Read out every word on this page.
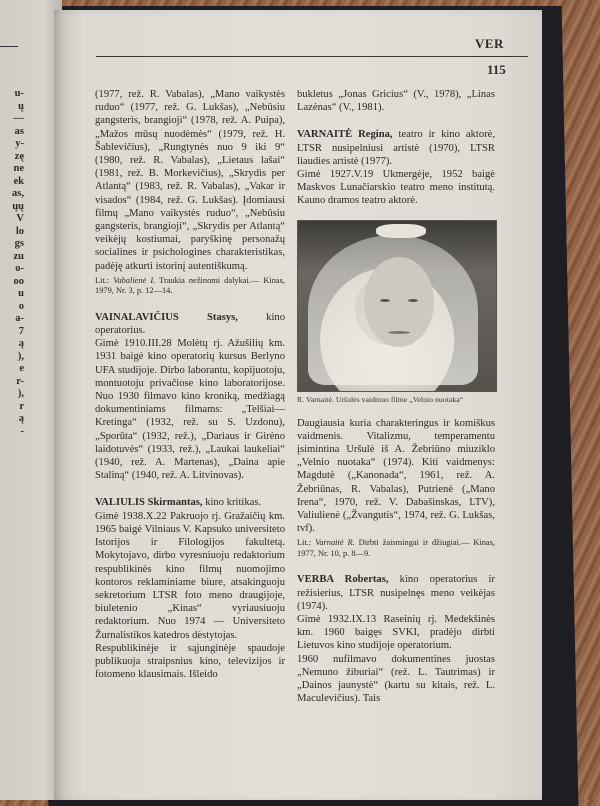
u-
ų
—
as
y-
zę
ne
ek
as,
ųų
V
lo
gs
zu
o-
oo
u
o
a-
7
ą
),
e
r-
),
r
ą
-
VER
115

(1977, rež. R. Vabalas), „Mano vaikystės ruduo“ (1977, rež. G. Lukšas), „Nebūsiu gangsteris, brangioji“ (1978, rež. A. Puipa), „Mažos mūsų nuodėmės“ (1979, rež. H. Šablevičius), „Rungtynės nuo 9 iki 9“ (1980, rež. R. Vabalas), „Lietaus lašai“ (1981, rež. B. Morkevičius), „Skrydis per Atlantą“ (1983, rež. R. Vabalas), „Vakar ir visados“ (1984, rež. G. Lukšas). Įdomiausi filmų „Mano vaikystės ruduo“, „Nebūsiu gangsteris, brangioji“, „Skrydis per Atlantą“ veikėjų kostiumai, paryškinę personažų socialines ir psichologines charakteristikas, padėję atkurti istorinį autentiškumą.

Lit.: Vabalienė I. Traukia nežinomi dalykai.— Kinas, 1979, Nr. 3, p. 12—14.

VAINALAVIČIUS Stasys, kino operatorius.

Gimė 1910.III.28 Molėtų rj. Ažušilių km. 1931 baigė kino operatorių kursus Berlyno UFA studijoje. Dirbo laborantu, kopijuotoju, montuotoju privačiose kino laboratorijose. Nuo 1930 filmavo kino kroniką, medžiagą dokumentiniams filmams: „Telšiai—Kretinga“ (1932, rež. su S. Uzdonu), „Sporūta“ (1932, rež.), „Dariaus ir Girėno laidotuvės“ (1933, rež.), „Laukai laukeliai“ (1940, rež. A. Martenas), „Daina apie Staliną“ (1940, rež. A. Litvinovas).

VALIULIS Skirmantas, kino kritikas.

Gimė 1938.X.22 Pakruojo rj. Gražaičių km. 1965 baigė Vilniaus V. Kapsuko universiteto Istorijos ir Filologijos fakultetą. Mokytojavo, dirbo vyresniuoju redaktorium respublikinės kino filmų nuomojimo kontoros reklaminiame biure, atsakinguoju sekretorium LTSR foto meno draugijoje, biuletenio „Kinas“ vyriausiuoju redaktorium. Nuo 1974 — Universiteto Žurnalistikos katedros dėstytojas.

Respublikinėje ir sąjunginėje spaudoje publikuoja straipsnius kino, televizijos ir fotomeno klausimais. Išleido

bukletus „Jonas Gricius“ (V., 1978), „Linas Lazėnas“ (V., 1981).

VARNAITĖ Regina, teatro ir kino aktorė, LTSR nusipelniusi artistė (1970), LTSR liaudies artistė (1977).

Gimė 1927.V.19 Ukmergėje, 1952 baigė Maskvos Lunačiarskio teatro meno institutą. Kauno dramos teatro aktorė.

R. Varnaitė. Uršulės vaidmuo filme „Velnio nuotaka“

Daugiausia kuria charakteringus ir komiškus vaidmenis. Vitalizmu, temperamentu įsimintina Uršulė iš A. Žebriūno miuziklo „Velnio nuotaka“ (1974). Kiti vaidmenys: Magdutė („Kanonada“, 1961, rež. A. Žebriūnas, R. Vabalas), Putrienė („Mano Irena“, 1970, rež. V. Dabašinskas, LTV), Valiulienė („Žvangutis“, 1974, rež. G. Lukšas, tvf).

Lit.: Varnaitė R. Dirbti žaismingai ir džiugiai.— Kinas, 1977, Nr. 10, p. 8—9.

VERBA Robertas, kino operatorius ir režisierius, LTSR nusipelnęs meno veikėjas (1974).

Gimė 1932.IX.13 Raseinių rj. Medekšinės km. 1960 baigęs SVKI, pradėjo dirbti Lietuvos kino studijoje operatorium.

1960 nufilmavo dokumentines juostas „Nemuno žiburiai“ (rež. L. Tautrimas) ir „Dainos jaunystė“ (kartu su kitais, rež. L. Maculevičius). Tais
